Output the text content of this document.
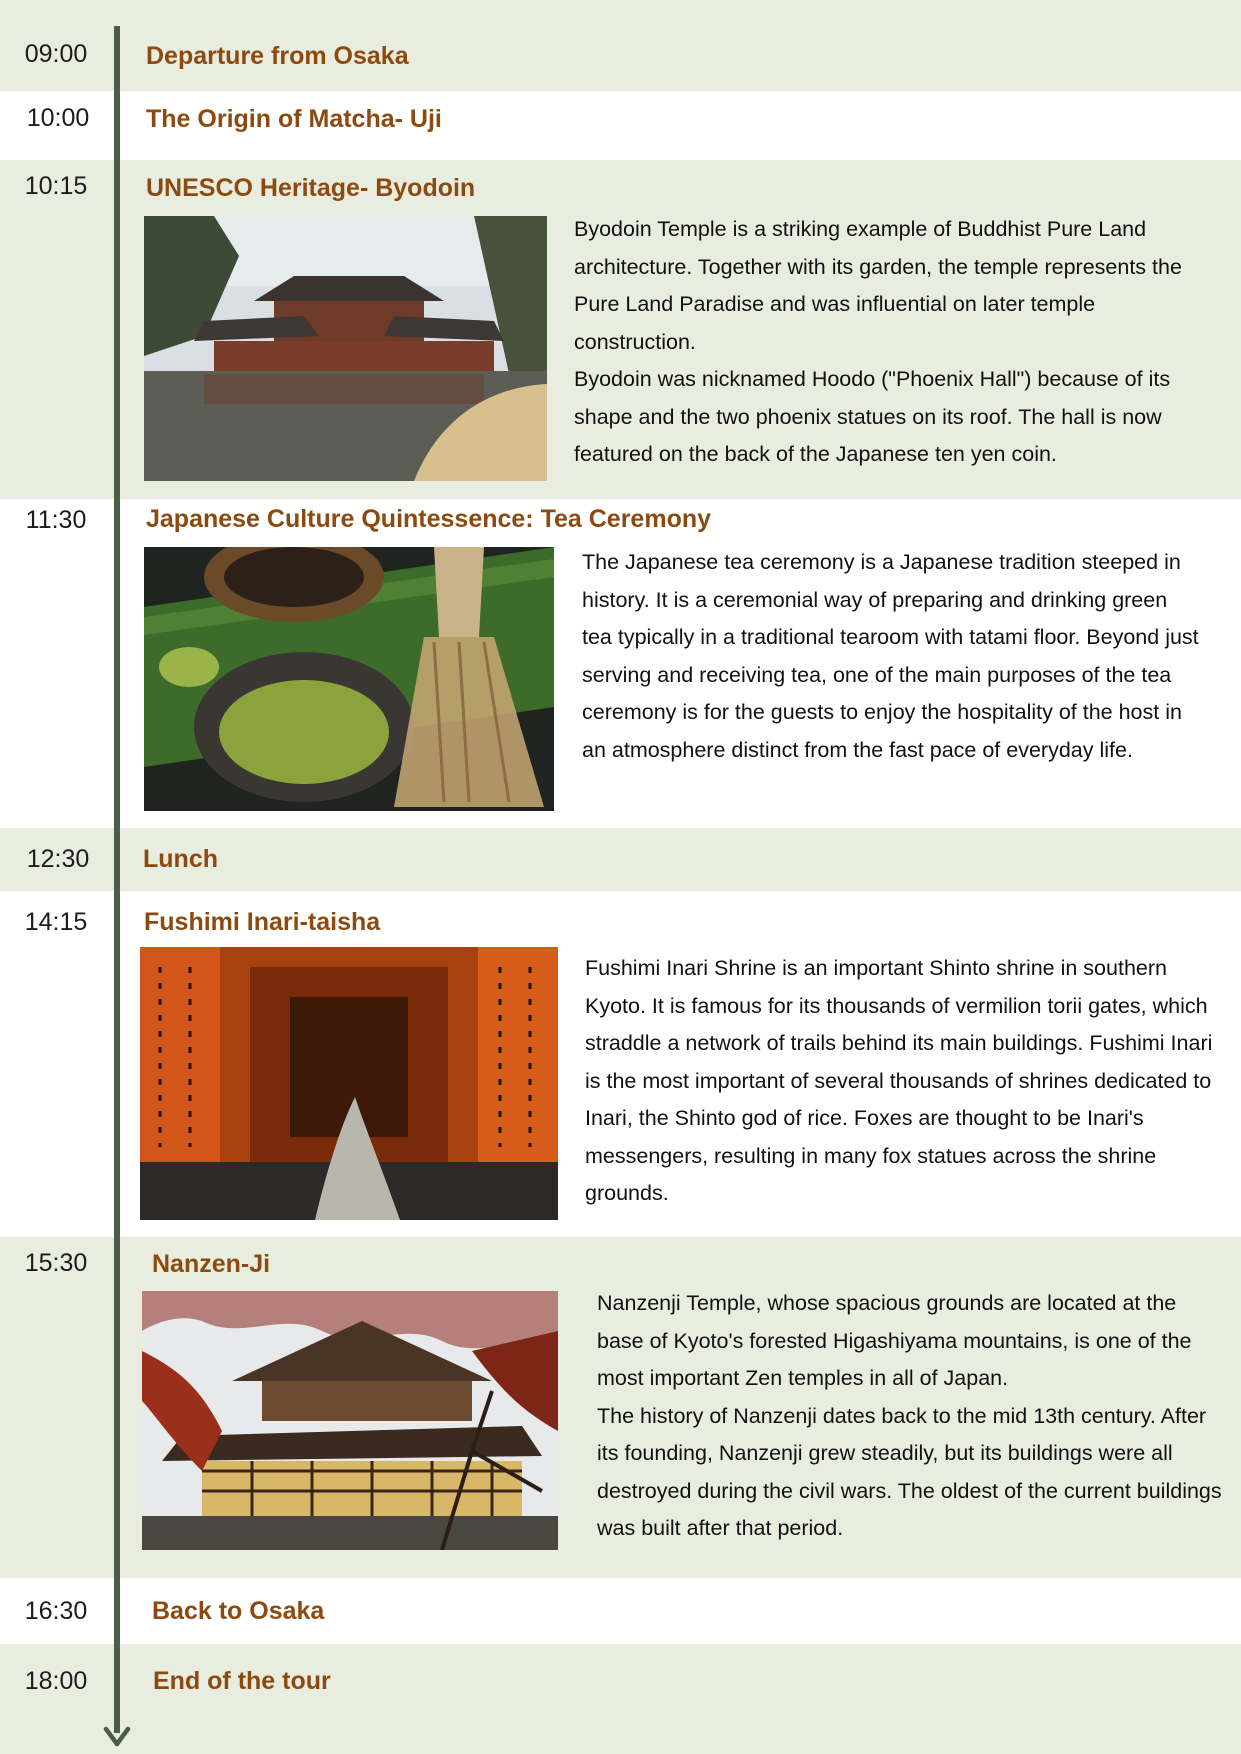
09:00	Departure from Osaka
10:00	The Origin of Matcha- Uji
10:15	UNESCO Heritage- Byodoin

Byodoin Temple is a striking example of Buddhist Pure Land architecture. Together with its garden, the temple represents the Pure Land Paradise and was influential on later temple construction.

Byodoin was nicknamed Hoodo ("Phoenix Hall") because of its shape and the two phoenix statues on its roof. The hall is now featured on the back of the Japanese ten yen coin.

11:30	Japanese Culture Quintessence: Tea Ceremony

The Japanese tea ceremony is a Japanese tradition steeped in history. It is a ceremonial way of preparing and drinking green tea typically in a traditional tearoom with tatami floor. Beyond just serving and receiving tea, one of the main purposes of the tea ceremony is for the guests to enjoy the hospitality of the host in an atmosphere distinct from the fast pace of everyday life.

12:30	Lunch
14:15	Fushimi Inari-taisha

Fushimi Inari Shrine is an important Shinto shrine in southern Kyoto. It is famous for its thousands of vermilion torii gates, which straddle a network of trails behind its main buildings. Fushimi Inari is the most important of several thousands of shrines dedicated to Inari, the Shinto god of rice. Foxes are thought to be Inari's messengers, resulting in many fox statues across the shrine grounds.

15:30	Nanzen-Ji

Nanzenji Temple, whose spacious grounds are located at the base of Kyoto's forested Higashiyama mountains, is one of the most important Zen temples in all of Japan.

The history of Nanzenji dates back to the mid 13th century. After its founding, Nanzenji grew steadily, but its buildings were all destroyed during the civil wars. The oldest of the current buildings was built after that period.

16:30	Back to Osaka
18:00	End of the tour
